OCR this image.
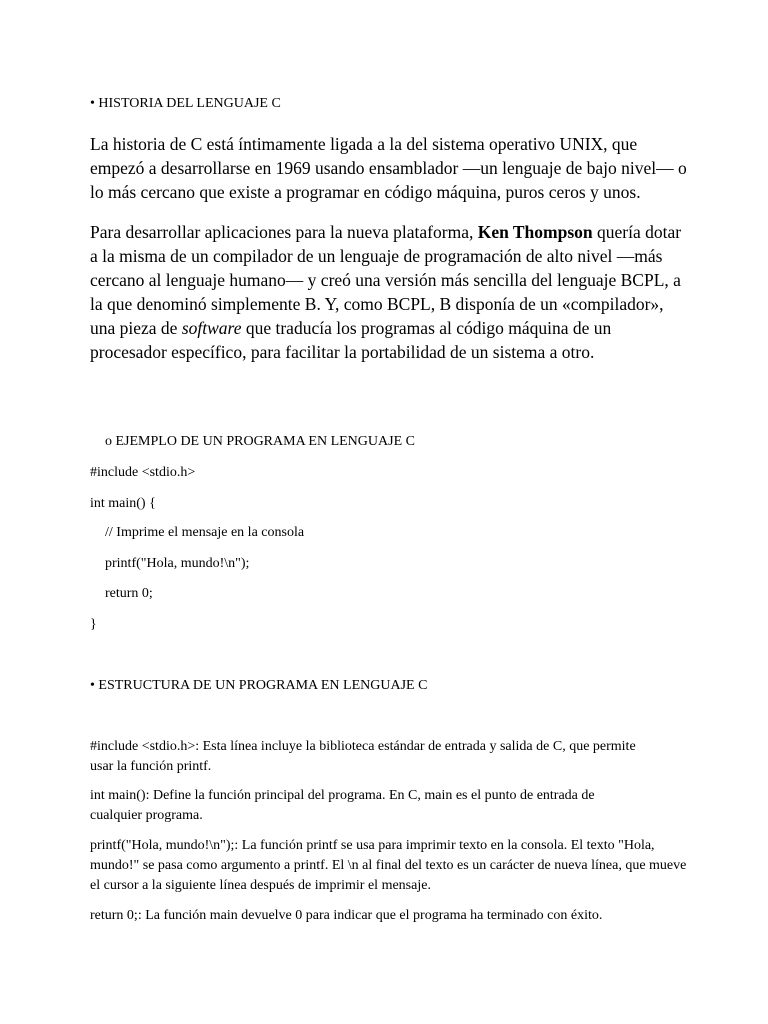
• HISTORIA DEL LENGUAJE C

La historia de C está íntimamente ligada a la del sistema operativo UNIX, que empezó a desarrollarse en 1969 usando ensamblador —un lenguaje de bajo nivel— o lo más cercano que existe a programar en código máquina, puros ceros y unos.

Para desarrollar aplicaciones para la nueva plataforma, Ken Thompson quería dotar a la misma de un compilador de un lenguaje de programación de alto nivel —más cercano al lenguaje humano— y creó una versión más sencilla del lenguaje BCPL, a la que denominó simplemente B. Y, como BCPL, B disponía de un «compilador», una pieza de software que traducía los programas al código máquina de un procesador específico, para facilitar la portabilidad de un sistema a otro.

o EJEMPLO DE UN PROGRAMA EN LENGUAJE C

#include <stdio.h>

int main() {

// Imprime el mensaje en la consola

printf("Hola, mundo!\n");

return 0;

}

• ESTRUCTURA DE UN PROGRAMA EN LENGUAJE C

#include <stdio.h>: Esta línea incluye la biblioteca estándar de entrada y salida de C, que permite usar la función printf.

int main(): Define la función principal del programa. En C, main es el punto de entrada de cualquier programa.

printf("Hola, mundo!\n");: La función printf se usa para imprimir texto en la consola. El texto "Hola, mundo!" se pasa como argumento a printf. El \n al final del texto es un carácter de nueva línea, que mueve el cursor a la siguiente línea después de imprimir el mensaje.

return 0;: La función main devuelve 0 para indicar que el programa ha terminado con éxito.
